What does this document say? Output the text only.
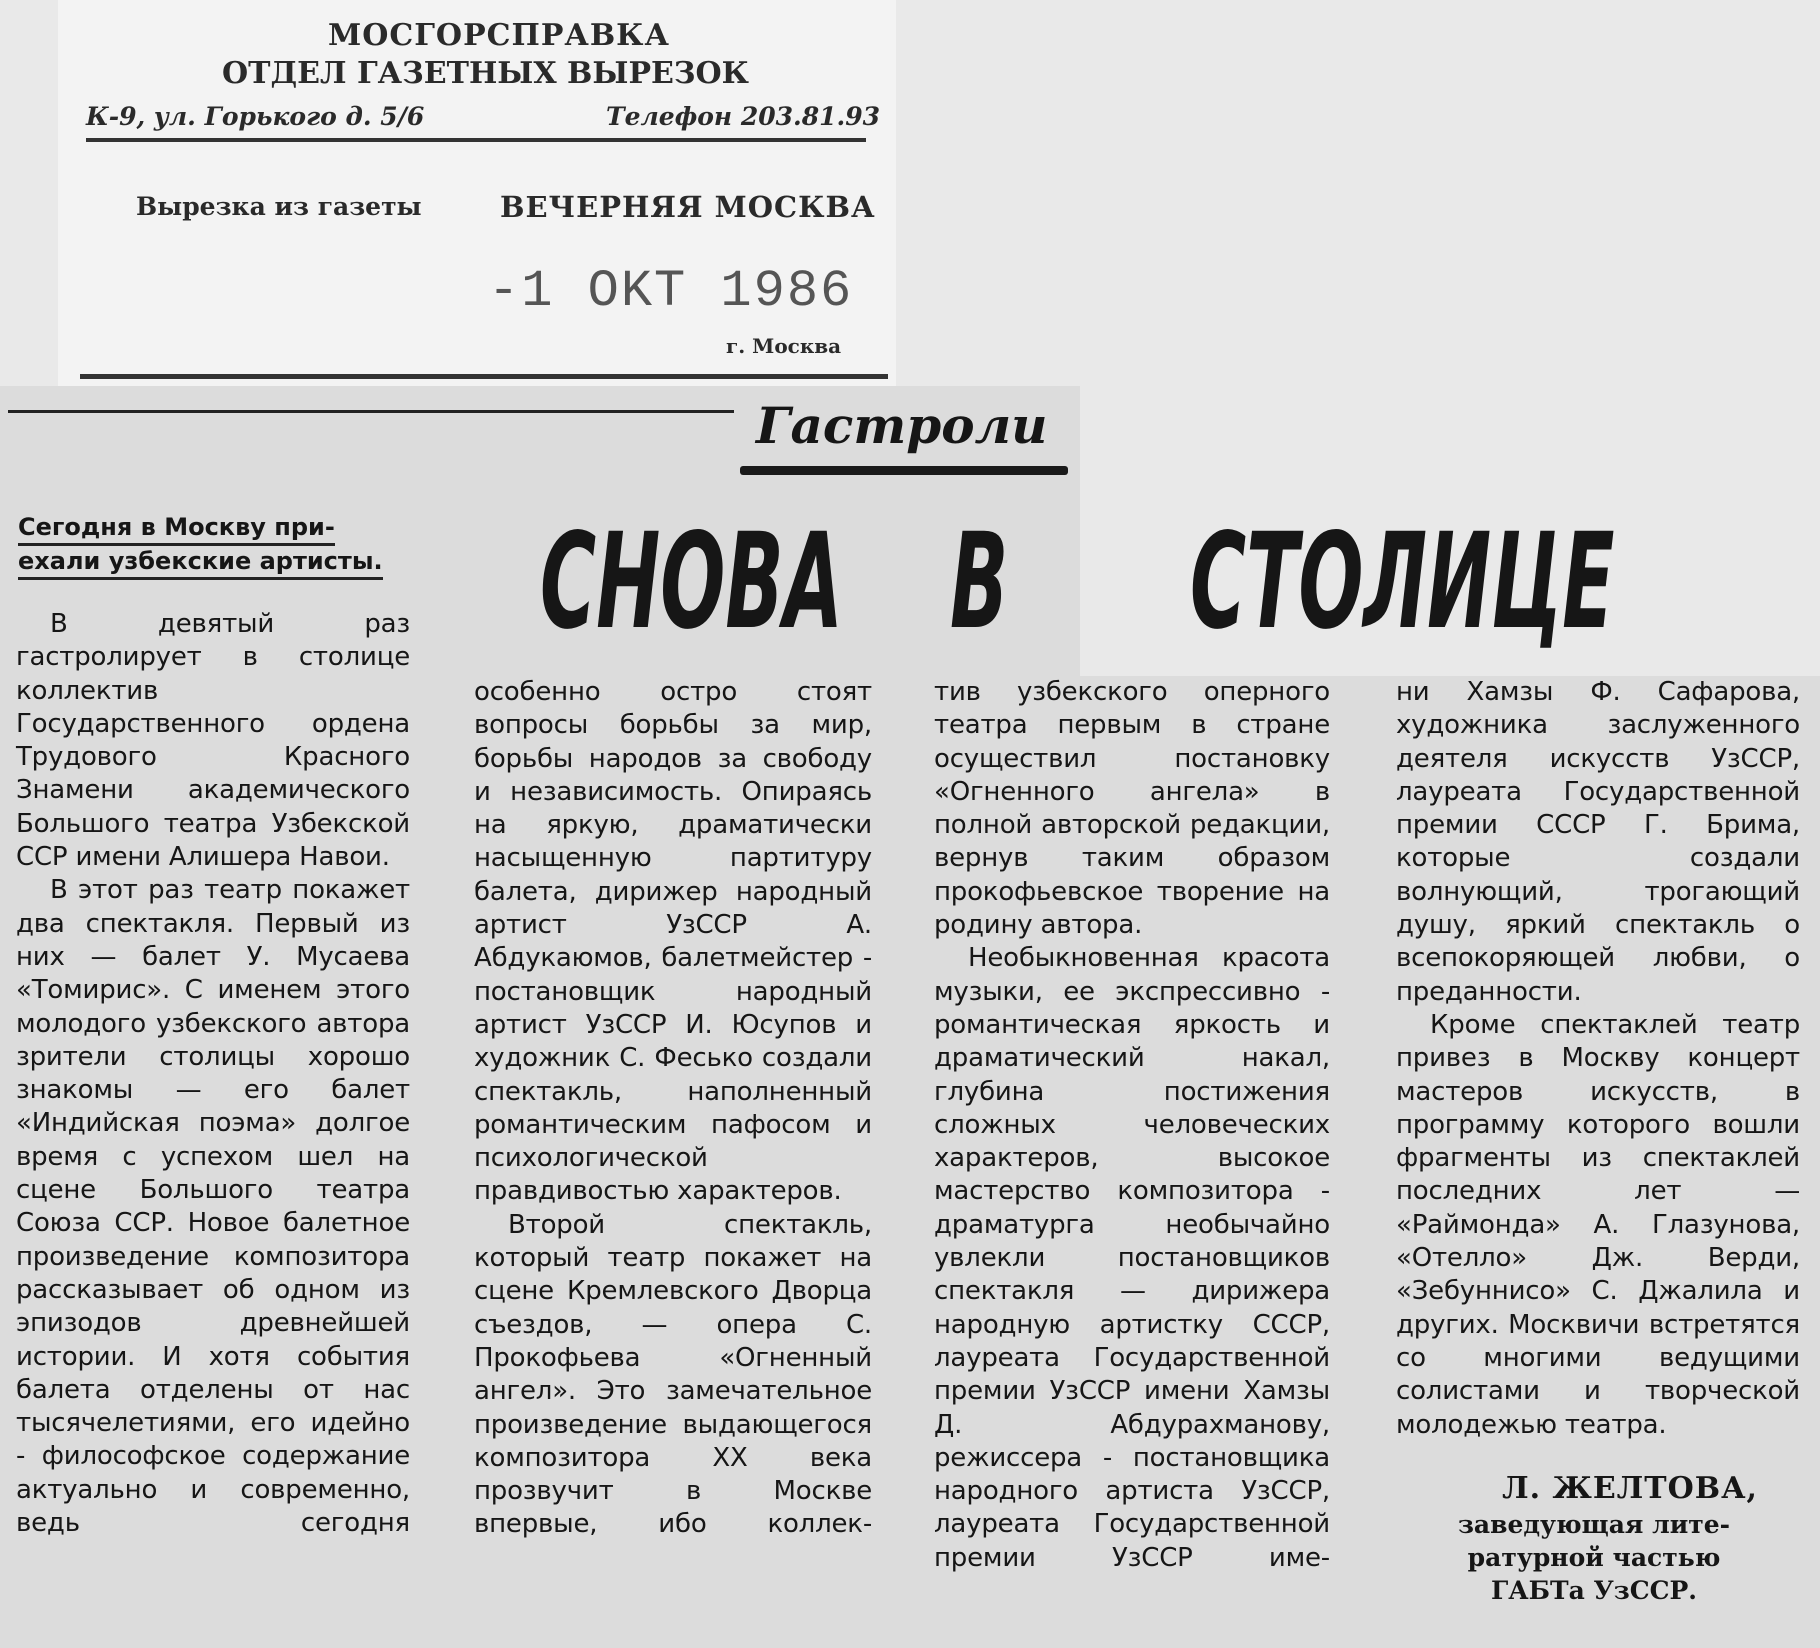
МОСГОРСПРАВКА
ОТДЕЛ ГАЗЕТНЫХ ВЫРЕЗОК
К-9, ул. Горького д. 5/6	Телефон 203.81.93
Вырезка из газеты	ВЕЧЕРНЯЯ МОСКВА
-1 OKT 1986
г. Москва
Гастроли
СНОВА В СТОЛИЦЕ
Сегодня в Москву при-
ехали узбекские артисты.
В девятый раз гастролирует в столице коллектив Государственного ордена Трудового Красного Знамени академического Большого театра Узбекской ССР имени Алишера Навои.
В этот раз театр покажет два спектакля. Первый из них — балет У. Мусаева «Томирис». С именем этого молодого узбекского автора зрители столицы хорошо знакомы — его балет «Индийская поэма» долгое время с успехом шел на сцене Большого театра Союза ССР. Новое балетное произведение композитора рассказывает об одном из эпизодов древнейшей истории. И хотя события балета отделены от нас тысячелетиями, его идейно - философское содержание актуально и современно, ведь сегодня
особенно остро стоят вопросы борьбы за мир, борьбы народов за свободу и независимость. Опираясь на яркую, драматически насыщенную партитуру балета, дирижер народный артист УзССР А. Абдукаюмов, балетмейстер - постановщик народный артист УзССР И. Юсупов и художник С. Фесько создали спектакль, наполненный романтическим пафосом и психологической правдивостью характеров.
Второй спектакль, который театр покажет на сцене Кремлевского Дворца съездов, — опера С. Прокофьева «Огненный ангел». Это замечательное произведение выдающегося композитора XX века прозвучит в Москве впервые, ибо коллек-
тив узбекского оперного театра первым в стране осуществил постановку «Огненного ангела» в полной авторской редакции, вернув таким образом прокофьевское творение на родину автора.
Необыкновенная красота музыки, ее экспрессивно - романтическая яркость и драматический накал, глубина постижения сложных человеческих характеров, высокое мастерство композитора - драматурга необычайно увлекли постановщиков спектакля — дирижера народную артистку СССР, лауреата Государственной премии УзССР имени Хамзы Д. Абдурахманову, режиссера - постановщика народного артиста УзССР, лауреата Государственной премии УзССР име-
ни Хамзы Ф. Сафарова, художника заслуженного деятеля искусств УзССР, лауреата Государственной премии СССР Г. Брима, которые создали волнующий, трогающий душу, яркий спектакль о всепокоряющей любви, о преданности.
Кроме спектаклей театр привез в Москву концерт мастеров искусств, в программу которого вошли фрагменты из спектаклей последних лет — «Раймонда» А. Глазунова, «Отелло» Дж. Верди, «Зебуннисо» С. Джалила и других. Москвичи встретятся со многими ведущими солистами и творческой молодежью театра.
Л. ЖЕЛТОВА,
заведующая лите-
ратурной частью
ГАБТа УзССР.
